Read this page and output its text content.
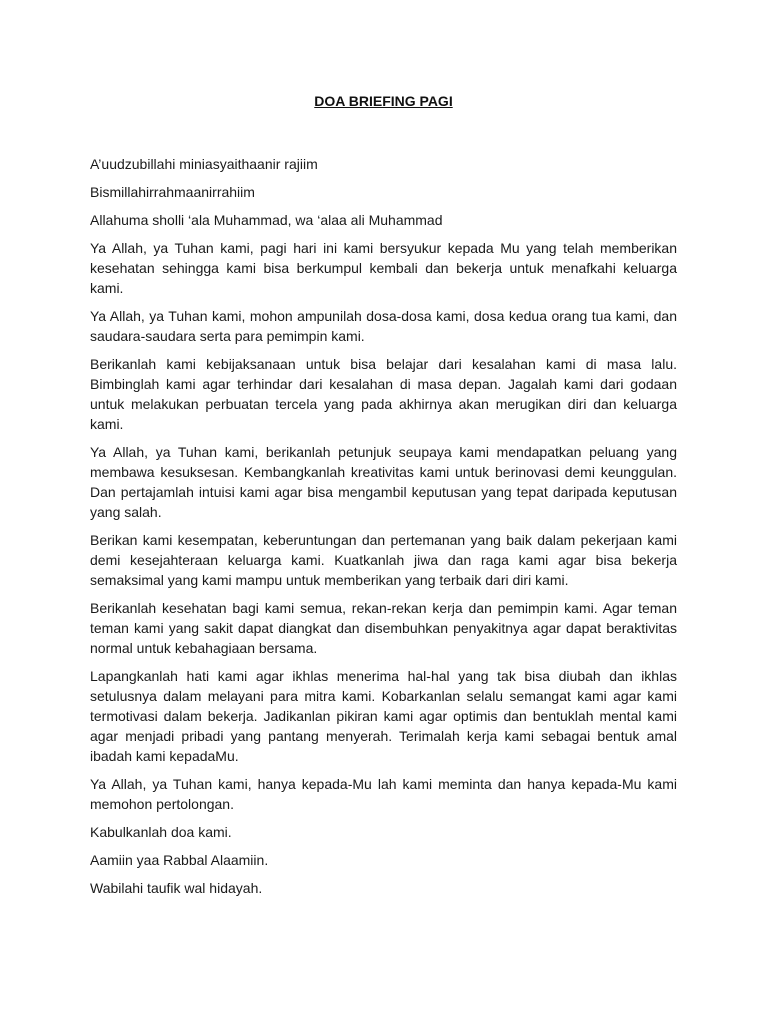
DOA BRIEFING PAGI

A’uudzubillahi miniasyaithaanir rajiim

Bismillahirrahmaanirrahiim

Allahuma sholli ‘ala Muhammad, wa ‘alaa ali Muhammad

Ya Allah, ya Tuhan kami, pagi hari ini kami bersyukur kepada Mu yang telah memberikan kesehatan sehingga kami bisa berkumpul kembali dan bekerja untuk menafkahi keluarga kami.

Ya Allah, ya Tuhan kami, mohon ampunilah dosa-dosa kami, dosa kedua orang tua kami, dan saudara-saudara serta para pemimpin kami.

Berikanlah kami kebijaksanaan untuk bisa belajar dari kesalahan kami di masa lalu. Bimbinglah kami agar terhindar dari kesalahan di masa depan. Jagalah kami dari godaan untuk melakukan perbuatan tercela yang pada akhirnya akan merugikan diri dan keluarga kami.

Ya Allah, ya Tuhan kami, berikanlah petunjuk seupaya kami mendapatkan peluang yang membawa kesuksesan. Kembangkanlah kreativitas kami untuk berinovasi demi keunggulan. Dan pertajamlah intuisi kami agar bisa mengambil keputusan yang tepat daripada keputusan yang salah.

Berikan kami kesempatan, keberuntungan dan pertemanan yang baik dalam pekerjaan kami demi kesejahteraan keluarga kami. Kuatkanlah jiwa dan raga kami agar bisa bekerja semaksimal yang kami mampu untuk memberikan yang terbaik dari diri kami.

Berikanlah kesehatan bagi kami semua, rekan-rekan kerja dan pemimpin kami. Agar teman teman kami yang sakit dapat diangkat dan disembuhkan penyakitnya agar dapat beraktivitas normal untuk kebahagiaan bersama.

Lapangkanlah hati kami agar ikhlas menerima hal-hal yang tak bisa diubah dan ikhlas setulusnya dalam melayani para mitra kami. Kobarkanlan selalu semangat kami agar kami termotivasi dalam bekerja. Jadikanlan pikiran kami agar optimis dan bentuklah mental kami agar menjadi pribadi yang pantang menyerah. Terimalah kerja kami sebagai bentuk amal ibadah kami kepadaMu.

Ya Allah, ya Tuhan kami, hanya kepada-Mu lah kami meminta dan hanya kepada-Mu kami memohon pertolongan.

Kabulkanlah doa kami.

Aamiin yaa Rabbal Alaamiin.

Wabilahi taufik wal hidayah.
